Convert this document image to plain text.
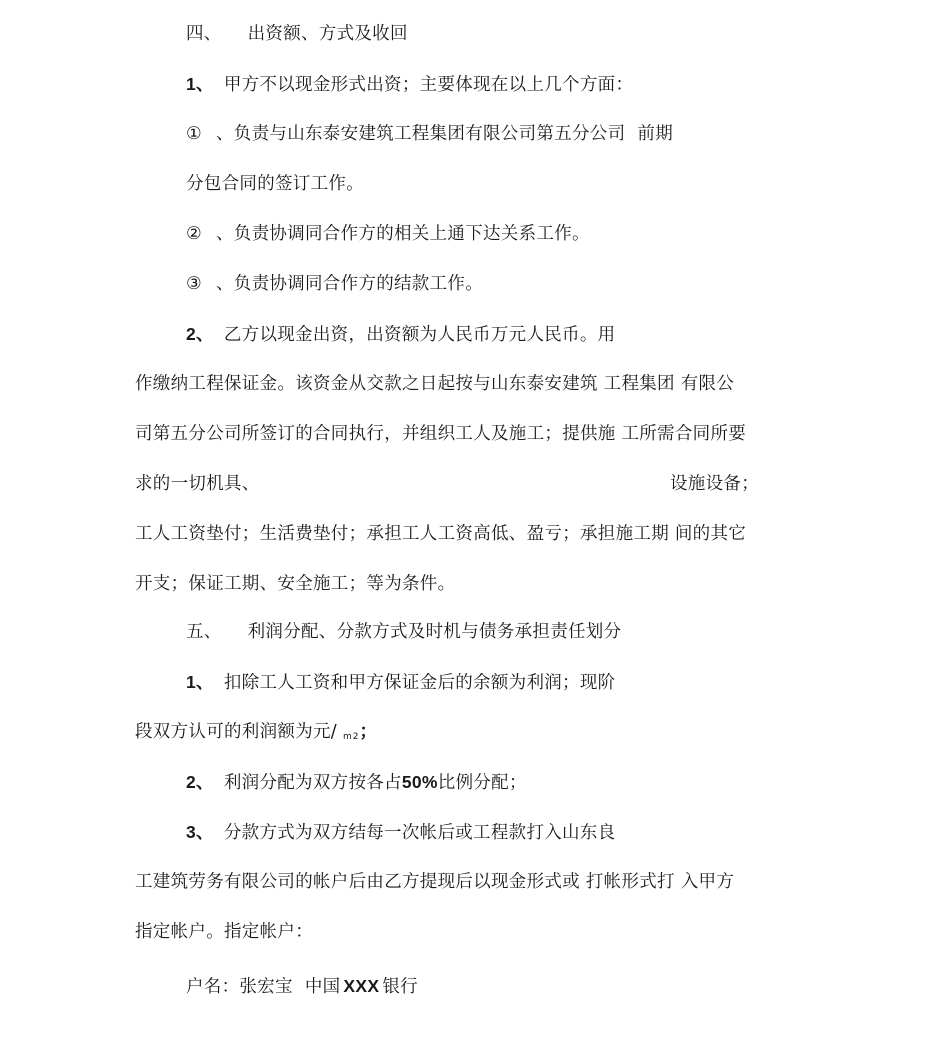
四、 出资额、方式及收回
1、 甲方不以现金形式出资；主要体现在以上几个方面：
① 、负责与山东泰安建筑工程集团有限公司第五分公司 前期
分包合同的签订工作。
② 、负责协调同合作方的相关上通下达关系工作。
③ 、负责协调同合作方的结款工作。
2、 乙方以现金出资，出资额为人民币万元人民币。用
作缴纳工程保证金。该资金从交款之日起按与山东泰安建筑 工程集团 有限公
司第五分公司所签订的合同执行，并组织工人及施工；提供施 工所需合同所要
求的一切机具、	设施设备；
工人工资垫付；生活费垫付；承担工人工资高低、盈亏；承担施工期 间的其它
开支；保证工期、安全施工；等为条件。
五、 利润分配、分款方式及时机与债务承担责任划分
1、 扣除工人工资和甲方保证金后的余额为利润；现阶
段双方认可的利润额为元/ $_{m2}$；
2、 利润分配为双方按各占50%比例分配；
3、 分款方式为双方结每一次帐后或工程款打入山东良
工建筑劳务有限公司的帐户后由乙方提现后以现金形式或 打帐形式打 入甲方
指定帐户。指定帐户：
户名：张宏宝 中国 XXX 银行
